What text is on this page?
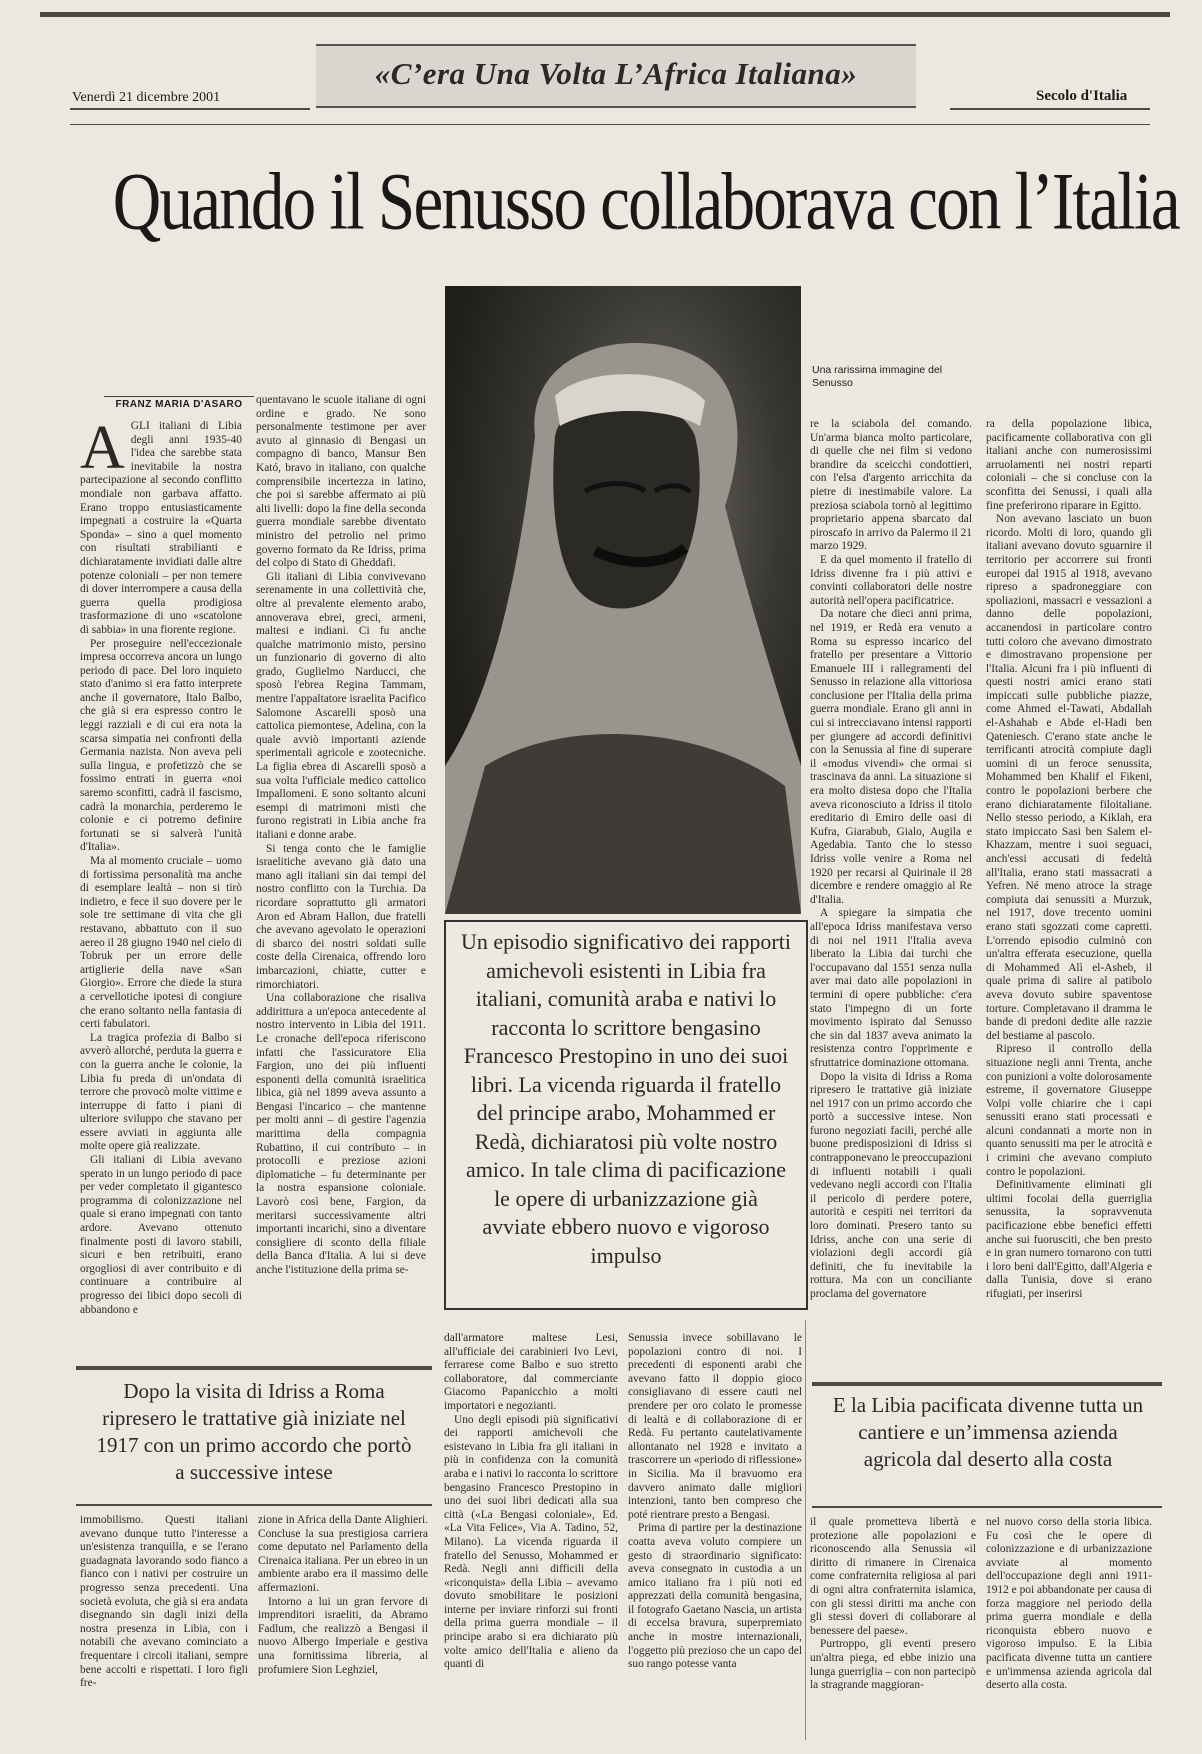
«C’era Una Volta L’Africa Italiana»
Venerdì 21 dicembre 2001	Secolo d'Italia
Quando il Senusso collaborava con l’Italia
Una rarissima immagine del Senusso
FRANZ MARIA D'ASARO
A GLI italiani di Libia degli anni 1935-40 l'idea che sarebbe stata inevitabile la nostra partecipazione al secondo conflitto mondiale non garbava affatto. Erano troppo entusiasticamente impegnati a costruire la «Quarta Sponda» – sino a quel momento con risultati strabilianti e dichiaratamente invidiati dalle altre potenze coloniali – per non temere di dover interrompere a causa della guerra quella prodigiosa trasformazione di uno «scatolone di sabbia» in una fiorente regione.

Per proseguire nell'eccezionale impresa occorreva ancora un lungo periodo di pace. Del loro inquieto stato d'animo si era fatto interprete anche il governatore, Italo Balbo, che già si era espresso contro le leggi razziali e di cui era nota la scarsa simpatia nei confronti della Germania nazista. Non aveva peli sulla lingua, e profetizzò che se fossimo entrati in guerra «noi saremo sconfitti, cadrà il fascismo, cadrà la monarchia, perderemo le colonie e ci potremo definire fortunati se si salverà l'unità d'Italia».

Ma al momento cruciale – uomo di fortissima personalità ma anche di esemplare lealtà – non si tirò indietro, e fece il suo dovere per le sole tre settimane di vita che gli restavano, abbattuto con il suo aereo il 28 giugno 1940 nel cielo di Tobruk per un errore delle artiglierie della nave «San Giorgio». Errore che diede la stura a cervellotiche ipotesi di congiure che erano soltanto nella fantasia di certi fabulatori.

La tragica profezia di Balbo si avverò allorché, perduta la guerra e con la guerra anche le colonie, la Libia fu preda di un'ondata di terrore che provocò molte vittime e interruppe di fatto i piani di ulteriore sviluppo che stavano per essere avviati in aggiunta alle molte opere già realizzate.

Gli italiani di Libia avevano sperato in un lungo periodo di pace per veder completato il gigantesco programma di colonizzazione nel quale si erano impegnati con tanto ardore. Avevano ottenuto finalmente posti di lavoro stabili, sicuri e ben retribuiti, erano orgogliosi di aver contribuito e di continuare a contribuire al progresso dei libici dopo secoli di abbandono e

quentavano le scuole italiane di ogni ordine e grado. Ne sono personalmente testimone per aver avuto al ginnasio di Bengasi un compagno di banco, Mansur Ben Kató, bravo in italiano, con qualche comprensibile incertezza in latino, che poi si sarebbe affermato ai più alti livelli: dopo la fine della seconda guerra mondiale sarebbe diventato ministro del petrolio nel primo governo formato da Re Idriss, prima del colpo di Stato di Gheddafi.

Gli italiani di Libia convivevano serenamente in una collettività che, oltre al prevalente elemento arabo, annoverava ebrei, greci, armeni, maltesi e indiani. Ci fu anche qualche matrimonio misto, persino un funzionario di governo di alto grado, Guglielmo Narducci, che sposò l'ebrea Regina Tammam, mentre l'appaltatore israelita Pacifico Salomone Ascarelli sposò una cattolica piemontese, Adelina, con la quale avviò importanti aziende sperimentali agricole e zootecniche. La figlia ebrea di Ascarelli sposò a sua volta l'ufficiale medico cattolico Impallomeni. E sono soltanto alcuni esempi di matrimoni misti che furono registrati in Libia anche fra italiani e donne arabe.

Si tenga conto che le famiglie israelitiche avevano già dato una mano agli italiani sin dai tempi del nostro conflitto con la Turchia. Da ricordare soprattutto gli armatori Aron ed Abram Hallon, due fratelli che avevano agevolato le operazioni di sbarco dei nostri soldati sulle coste della Cirenaica, offrendo loro imbarcazioni, chiatte, cutter e rimorchiatori.

Una collaborazione che risaliva addirittura a un'epoca antecedente al nostro intervento in Libia del 1911. Le cronache dell'epoca riferiscono infatti che l'assicuratore Elia Fargion, uno dei più influenti esponenti della comunità israelitica libica, già nel 1899 aveva assunto a Bengasi l'incarico – che mantenne per molti anni – di gestire l'agenzia marittima della compagnia Rubattino, il cui contributo – in protocolli e preziose azioni diplomatiche – fu determinante per la nostra espansione coloniale. Lavorò così bene, Fargion, da meritarsi successivamente altri importanti incarichi, sino a diventare consigliere di sconto della filiale della Banca d'Italia. A lui si deve anche l'istituzione della prima se-

Un episodio significativo dei rapporti amichevoli esistenti in Libia fra italiani, comunità araba e nativi lo racconta lo scrittore bengasino Francesco Prestopino in uno dei suoi libri. La vicenda riguarda il fratello del principe arabo, Mohammed er Redà, dichiaratosi più volte nostro amico. In tale clima di pacificazione le opere di urbanizzazione già avviate ebbero nuovo e vigoroso impulso

re la sciabola del comando. Un'arma bianca molto particolare, di quelle che nei film si vedono brandire da sceicchi condottieri, con l'elsa d'argento arricchita da pietre di inestimabile valore. La preziosa sciabola tornò al legittimo proprietario appena sbarcato dal piroscafo in arrivo da Palermo il 21 marzo 1929.

E da quel momento il fratello di Idriss divenne fra i più attivi e convinti collaboratori delle nostre autorità nell'opera pacificatrice.

Da notare che dieci anni prima, nel 1919, er Redà era venuto a Roma su espresso incarico del fratello per presentare a Vittorio Emanuele III i rallegramenti del Senusso in relazione alla vittoriosa conclusione per l'Italia della prima guerra mondiale. Erano gli anni in cui si intrecciavano intensi rapporti per giungere ad accordi definitivi con la Senussia al fine di superare il «modus vivendi» che ormai si trascinava da anni. La situazione si era molto distesa dopo che l'Italia aveva riconosciuto a Idriss il titolo ereditario di Emiro delle oasi di Kufra, Giarabub, Gialo, Augila e Agedabia. Tanto che lo stesso Idriss volle venire a Roma nel 1920 per recarsi al Quirinale il 28 dicembre e rendere omaggio al Re d'Italia.

A spiegare la simpatia che all'epoca Idriss manifestava verso di noi nel 1911 l'Italia aveva liberato la Libia dai turchi che l'occupavano dal 1551 senza nulla aver mai dato alle popolazioni in termini di opere pubbliche: c'era stato l'impegno di un forte movimento ispirato dal Senusso che sin dal 1837 aveva animato la resistenza contro l'opprimente e sfruttatrice dominazione ottomana.

Dopo la visita di Idriss a Roma ripresero le trattative già iniziate nel 1917 con un primo accordo che portò a successive intese. Non furono negoziati facili, perché alle buone predisposizioni di Idriss si contrapponevano le preoccupazioni di influenti notabili i quali vedevano negli accordi con l'Italia il pericolo di perdere potere, autorità e cespiti nei territori da loro dominati. Presero tanto su Idriss, anche con una serie di violazioni degli accordi già definiti, che fu inevitabile la rottura. Ma con un conciliante proclama del governatore

ra della popolazione libica, pacificamente collaborativa con gli italiani anche con numerosissimi arruolamenti nei nostri reparti coloniali – che si concluse con la sconfitta dei Senussi, i quali alla fine preferirono riparare in Egitto.

Non avevano lasciato un buon ricordo. Molti di loro, quando gli italiani avevano dovuto sguarnire il territorio per accorrere sui fronti europei dal 1915 al 1918, avevano ripreso a spadroneggiare con spoliazioni, massacri e vessazioni a danno delle popolazioni, accanendosi in particolare contro tutti coloro che avevano dimostrato e dimostravano propensione per l'Italia. Alcuni fra i più influenti di questi nostri amici erano stati impiccati sulle pubbliche piazze, come Ahmed el-Tawati, Abdallah el-Ashahab e Abde el-Hadi ben Qateniesch. C'erano state anche le terrificanti atrocità compiute dagli uomini di un feroce senussita, Mohammed ben Khalif el Fikeni, contro le popolazioni berbere che erano dichiaratamente filoitaliane. Nello stesso periodo, a Kiklah, era stato impiccato Sasi ben Salem el-Khazzam, mentre i suoi seguaci, anch'essi accusati di fedeltà all'Italia, erano stati massacrati a Yefren. Né meno atroce la strage compiuta dai senussiti a Murzuk, nel 1917, dove trecento uomini erano stati sgozzati come capretti. L'orrendo episodio culminò con un'altra efferata esecuzione, quella di Mohammed Alì el-Asheb, il quale prima di salire al patibolo aveva dovuto subire spaventose torture. Completavano il dramma le bande di predoni dedite alle razzie del bestiame al pascolo.

Ripreso il controllo della situazione negli anni Trenta, anche con punizioni a volte dolorosamente estreme, il governatore Giuseppe Volpi volle chiarire che i capi senussiti erano stati processati e alcuni condannati a morte non in quanto senussiti ma per le atrocità e i crimini che avevano compiuto contro le popolazioni.

Definitivamente eliminati gli ultimi focolai della guerriglia senussita, la sopravvenuta pacificazione ebbe benefici effetti anche sui fuorusciti, che ben presto e in gran numero tornarono con tutti i loro beni dall'Egitto, dall'Algeria e dalla Tunisia, dove si erano rifugiati, per inserirsi

dall'armatore maltese Lesi, all'ufficiale dei carabinieri Ivo Levi, ferrarese come Balbo e suo stretto collaboratore, dal commerciante Giacomo Papanicchio a molti importatori e negozianti.

Uno degli episodi più significativi dei rapporti amichevoli che esistevano in Libia fra gli italiani in più in confidenza con la comunità araba e i nativi lo racconta lo scrittore bengasino Francesco Prestopino in uno dei suoi libri dedicati alla sua città («La Bengasi coloniale», Ed. «La Vita Felice», Via A. Tadino, 52, Milano). La vicenda riguarda il fratello del Senusso, Mohammed er Redà. Negli anni difficili della «riconquista» della Libia – avevamo dovuto smobilitare le posizioni interne per inviare rinforzi sui fronti della prima guerra mondiale – il principe arabo si era dichiarato più volte amico dell'Italia e alieno da quanti di

Senussia invece sobillavano le popolazioni contro di noi. I precedenti di esponenti arabi che avevano fatto il doppio gioco consigliavano di essere cauti nel prendere per oro colato le promesse di lealtà e di collaborazione di er Redà. Fu pertanto cautelativamente allontanato nel 1928 e invitato a trascorrere un «periodo di riflessione» in Sicilia. Ma il bravuomo era davvero animato dalle migliori intenzioni, tanto ben compreso che poté rientrare presto a Bengasi.

Prima di partire per la destinazione coatta aveva voluto compiere un gesto di straordinario significato: aveva consegnato in custodia a un amico italiano fra i più noti ed apprezzati della comunità bengasina, il fotografo Gaetano Nascia, un artista di eccelsa bravura, superpremiato anche in mostre internazionali, l'oggetto più prezioso che un capo del suo rango potesse vanta

Dopo la visita di Idriss a Roma ripresero le trattative già iniziate nel 1917 con un primo accordo che portò a successive intese
E la Libia pacificata divenne tutta un cantiere e un’immensa azienda agricola dal deserto alla costa

immobilismo. Questi italiani avevano dunque tutto l'interesse a un'esistenza tranquilla, e se l'erano guadagnata lavorando sodo fianco a fianco con i nativi per costruire un progresso senza precedenti. Una società evoluta, che già si era andata disegnando sin dagli inizi della nostra presenza in Libia, con i notabili che avevano cominciato a frequentare i circoli italiani, sempre bene accolti e rispettati. I loro figli fre-

zione in Africa della Dante Alighieri. Concluse la sua prestigiosa carriera come deputato nel Parlamento della Cirenaica italiana. Per un ebreo in un ambiente arabo era il massimo delle affermazioni.

Intorno a lui un gran fervore di imprenditori israeliti, da Abramo Fadlum, che realizzò a Bengasi il nuovo Albergo Imperiale e gestiva una fornitissima libreria, al profumiere Sion Leghziel,

il quale prometteva libertà e protezione alle popolazioni e riconoscendo alla Senussia «il diritto di rimanere in Cirenaica come confraternita religiosa al pari di ogni altra confraternita islamica, con gli stessi diritti ma anche con gli stessi doveri di collaborare al benessere del paese».

Purtroppo, gli eventi presero un'altra piega, ed ebbe inizio una lunga guerriglia – con non partecipò la stragrande maggioran-

nel nuovo corso della storia libica. Fu così che le opere di colonizzazione e di urbanizzazione avviate al momento dell'occupazione degli anni 1911-1912 e poi abbandonate per causa di forza maggiore nel periodo della prima guerra mondiale e della riconquista ebbero nuovo e vigoroso impulso. E la Libia pacificata divenne tutta un cantiere e un'immensa azienda agricola dal deserto alla costa.
